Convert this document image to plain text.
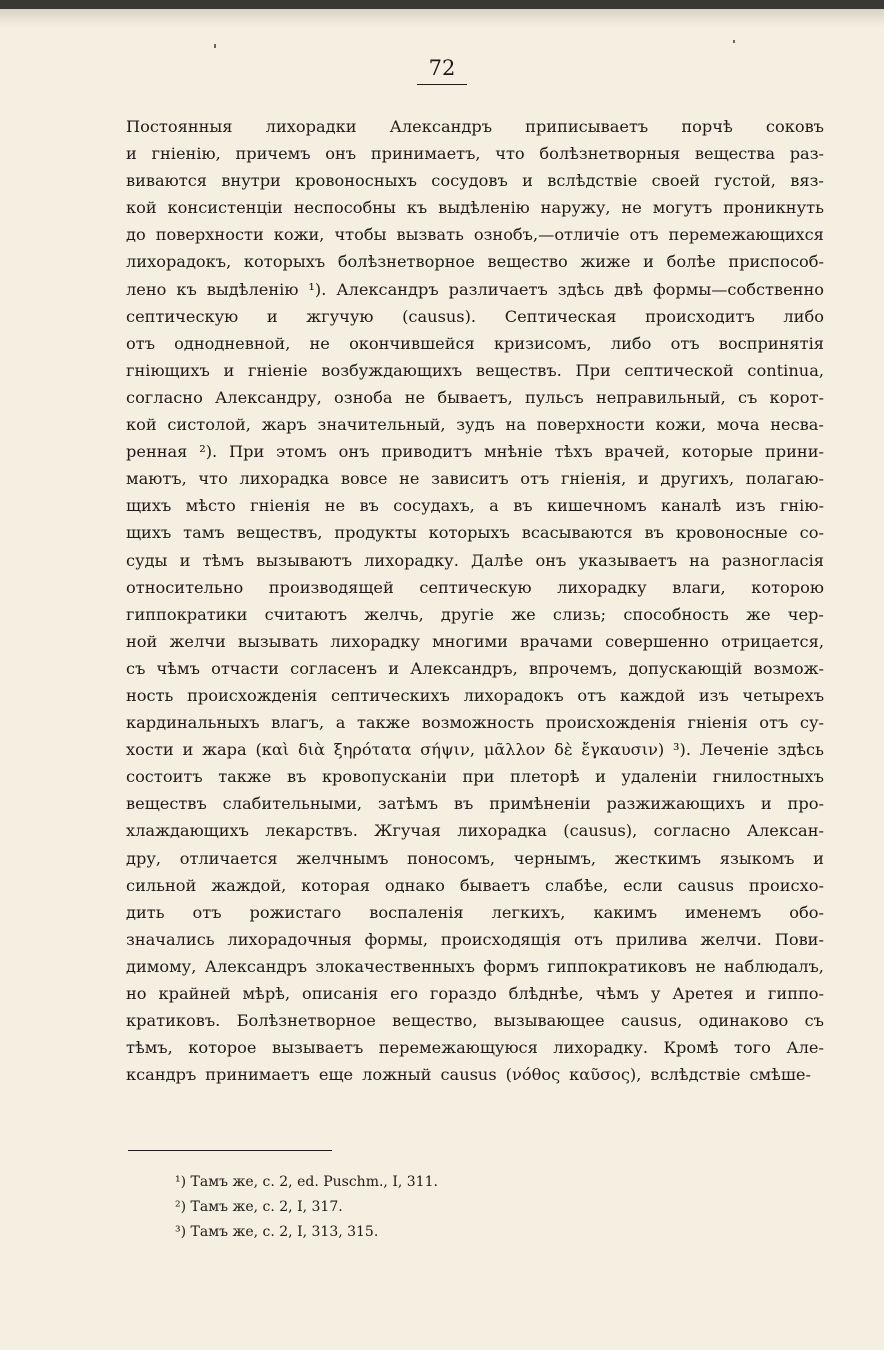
72
Постоянныя лихорадки Александръ приписываетъ порчѣ соковъ
и гніенію, причемъ онъ принимаетъ, что болѣзнетворныя вещества раз-
виваются внутри кровоносныхъ сосудовъ и вслѣдствіе своей густой, вяз-
кой консистенціи неспособны къ выдѣленію наружу, не могутъ проникнуть
до поверхности кожи, чтобы вызвать ознобъ,—отличіе отъ перемежающихся
лихорадокъ, которыхъ болѣзнетворное вещество жиже и болѣе приспособ-
лено къ выдѣленію ¹). Александръ различаетъ здѣсь двѣ формы—собственно
септическую и жгучую (causus). Септическая происходитъ либо
отъ однодневной, не окончившейся кризисомъ, либо отъ воспринятія
гніющихъ и гніеніе возбуждающихъ веществъ. При септической continua,
согласно Александру, озноба не бываетъ, пульсъ неправильный, съ корот-
кой систолой, жаръ значительный, зудъ на поверхности кожи, моча несва-
ренная ²). При этомъ онъ приводитъ мнѣніе тѣхъ врачей, которые прини-
маютъ, что лихорадка вовсе не зависитъ отъ гніенія, и другихъ, полагаю-
щихъ мѣсто гніенія не въ сосудахъ, а въ кишечномъ каналѣ изъ гнію-
щихъ тамъ веществъ, продукты которыхъ всасываются въ кровоносные со-
суды и тѣмъ вызываютъ лихорадку. Далѣе онъ указываетъ на разногласія
относительно производящей септическую лихорадку влаги, которою
гиппократики считаютъ желчь, другіе же слизь; способность же чер-
ной желчи вызывать лихорадку многими врачами совершенно отрицается,
съ чѣмъ отчасти согласенъ и Александръ, впрочемъ, допускающій возмож-
ность происхожденія септическихъ лихорадокъ отъ каждой изъ четырехъ
кардинальныхъ влагъ, а также возможность происхожденія гніенія отъ су-
хости и жара (καὶ διὰ ξηρότατα σήψιν, μᾶλλον δὲ ἔγκαυσιν) ³). Леченіе здѣсь
состоитъ также въ кровопусканіи при плеторѣ и удаленіи гнилостныхъ
веществъ слабительными, затѣмъ въ примѣненіи разжижающихъ и про-
хлаждающихъ лекарствъ. Жгучая лихорадка (causus), согласно Алексан-
дру, отличается желчнымъ поносомъ, чернымъ, жесткимъ языкомъ и
сильной жаждой, которая однако бываетъ слабѣе, если causus происхо-
дить отъ рожистаго воспаленія легкихъ, какимъ именемъ обо-
значались лихорадочныя формы, происходящія отъ прилива желчи. Пови-
димому, Александръ злокачественныхъ формъ гиппократиковъ не наблюдалъ,
но крайней мѣрѣ, описанія его гораздо блѣднѣе, чѣмъ у Аретея и гиппо-
кратиковъ. Болѣзнетворное вещество, вызывающее causus, одинаково съ
тѣмъ, которое вызываетъ перемежающуюся лихорадку. Кромѣ того Але-
ксандръ принимаетъ еще ложный causus (νόθος καῦσος), вслѣдствіе смѣше-
¹) Тамъ же, с. 2, ed. Puschm., I, 311.
²) Тамъ же, с. 2, I, 317.
³) Тамъ же, с. 2, I, 313, 315.
